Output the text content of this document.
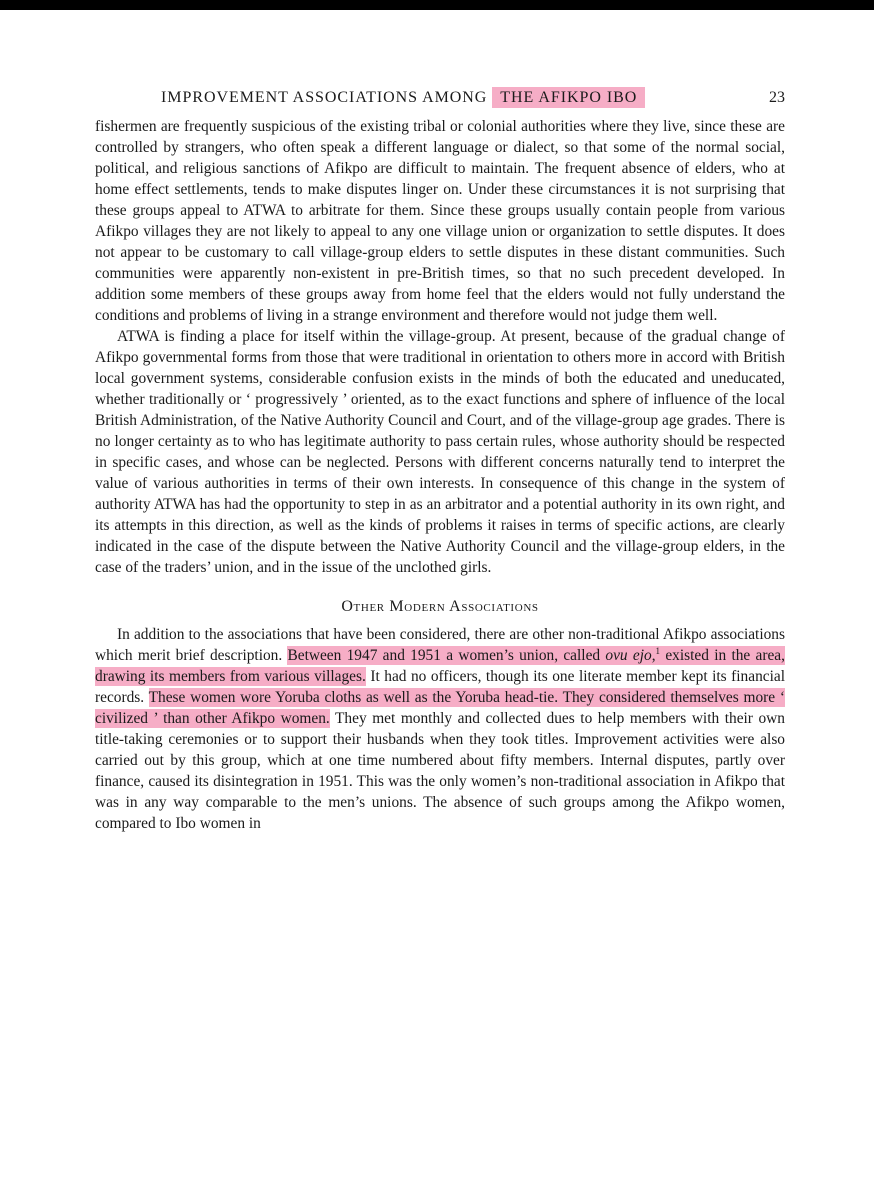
IMPROVEMENT ASSOCIATIONS AMONG THE AFIKPO IBO	23

fishermen are frequently suspicious of the existing tribal or colonial authorities where they live, since these are controlled by strangers, who often speak a different language or dialect, so that some of the normal social, political, and religious sanctions of Afikpo are difficult to maintain. The frequent absence of elders, who at home effect settlements, tends to make disputes linger on. Under these circumstances it is not surprising that these groups appeal to ATWA to arbitrate for them. Since these groups usually contain people from various Afikpo villages they are not likely to appeal to any one village union or organization to settle disputes. It does not appear to be customary to call village-group elders to settle disputes in these distant communities. Such communities were apparently non-existent in pre-British times, so that no such precedent developed. In addition some members of these groups away from home feel that the elders would not fully understand the conditions and problems of living in a strange environment and therefore would not judge them well.

ATWA is finding a place for itself within the village-group. At present, because of the gradual change of Afikpo governmental forms from those that were traditional in orientation to others more in accord with British local government systems, considerable confusion exists in the minds of both the educated and uneducated, whether traditionally or ‘ progressively ’ oriented, as to the exact functions and sphere of influence of the local British Administration, of the Native Authority Council and Court, and of the village-group age grades. There is no longer certainty as to who has legitimate authority to pass certain rules, whose authority should be respected in specific cases, and whose can be neglected. Persons with different concerns naturally tend to interpret the value of various authorities in terms of their own interests. In consequence of this change in the system of authority ATWA has had the opportunity to step in as an arbitrator and a potential authority in its own right, and its attempts in this direction, as well as the kinds of problems it raises in terms of specific actions, are clearly indicated in the case of the dispute between the Native Authority Council and the village-group elders, in the case of the traders’ union, and in the issue of the unclothed girls.

Other Modern Associations

In addition to the associations that have been considered, there are other non-traditional Afikpo associations which merit brief description. Between 1947 and 1951 a women’s union, called ovu ejo,$^1$ existed in the area, drawing its members from various villages. It had no officers, though its one literate member kept its financial records. These women wore Yoruba cloths as well as the Yoruba head-tie. They considered themselves more ‘ civilized ’ than other Afikpo women. They met monthly and collected dues to help members with their own title-taking ceremonies or to support their husbands when they took titles. Improvement activities were also carried out by this group, which at one time numbered about fifty members. Internal disputes, partly over finance, caused its disintegration in 1951. This was the only women’s non-traditional association in Afikpo that was in any way comparable to the men’s unions. The absence of such groups among the Afikpo women, compared to Ibo women in
